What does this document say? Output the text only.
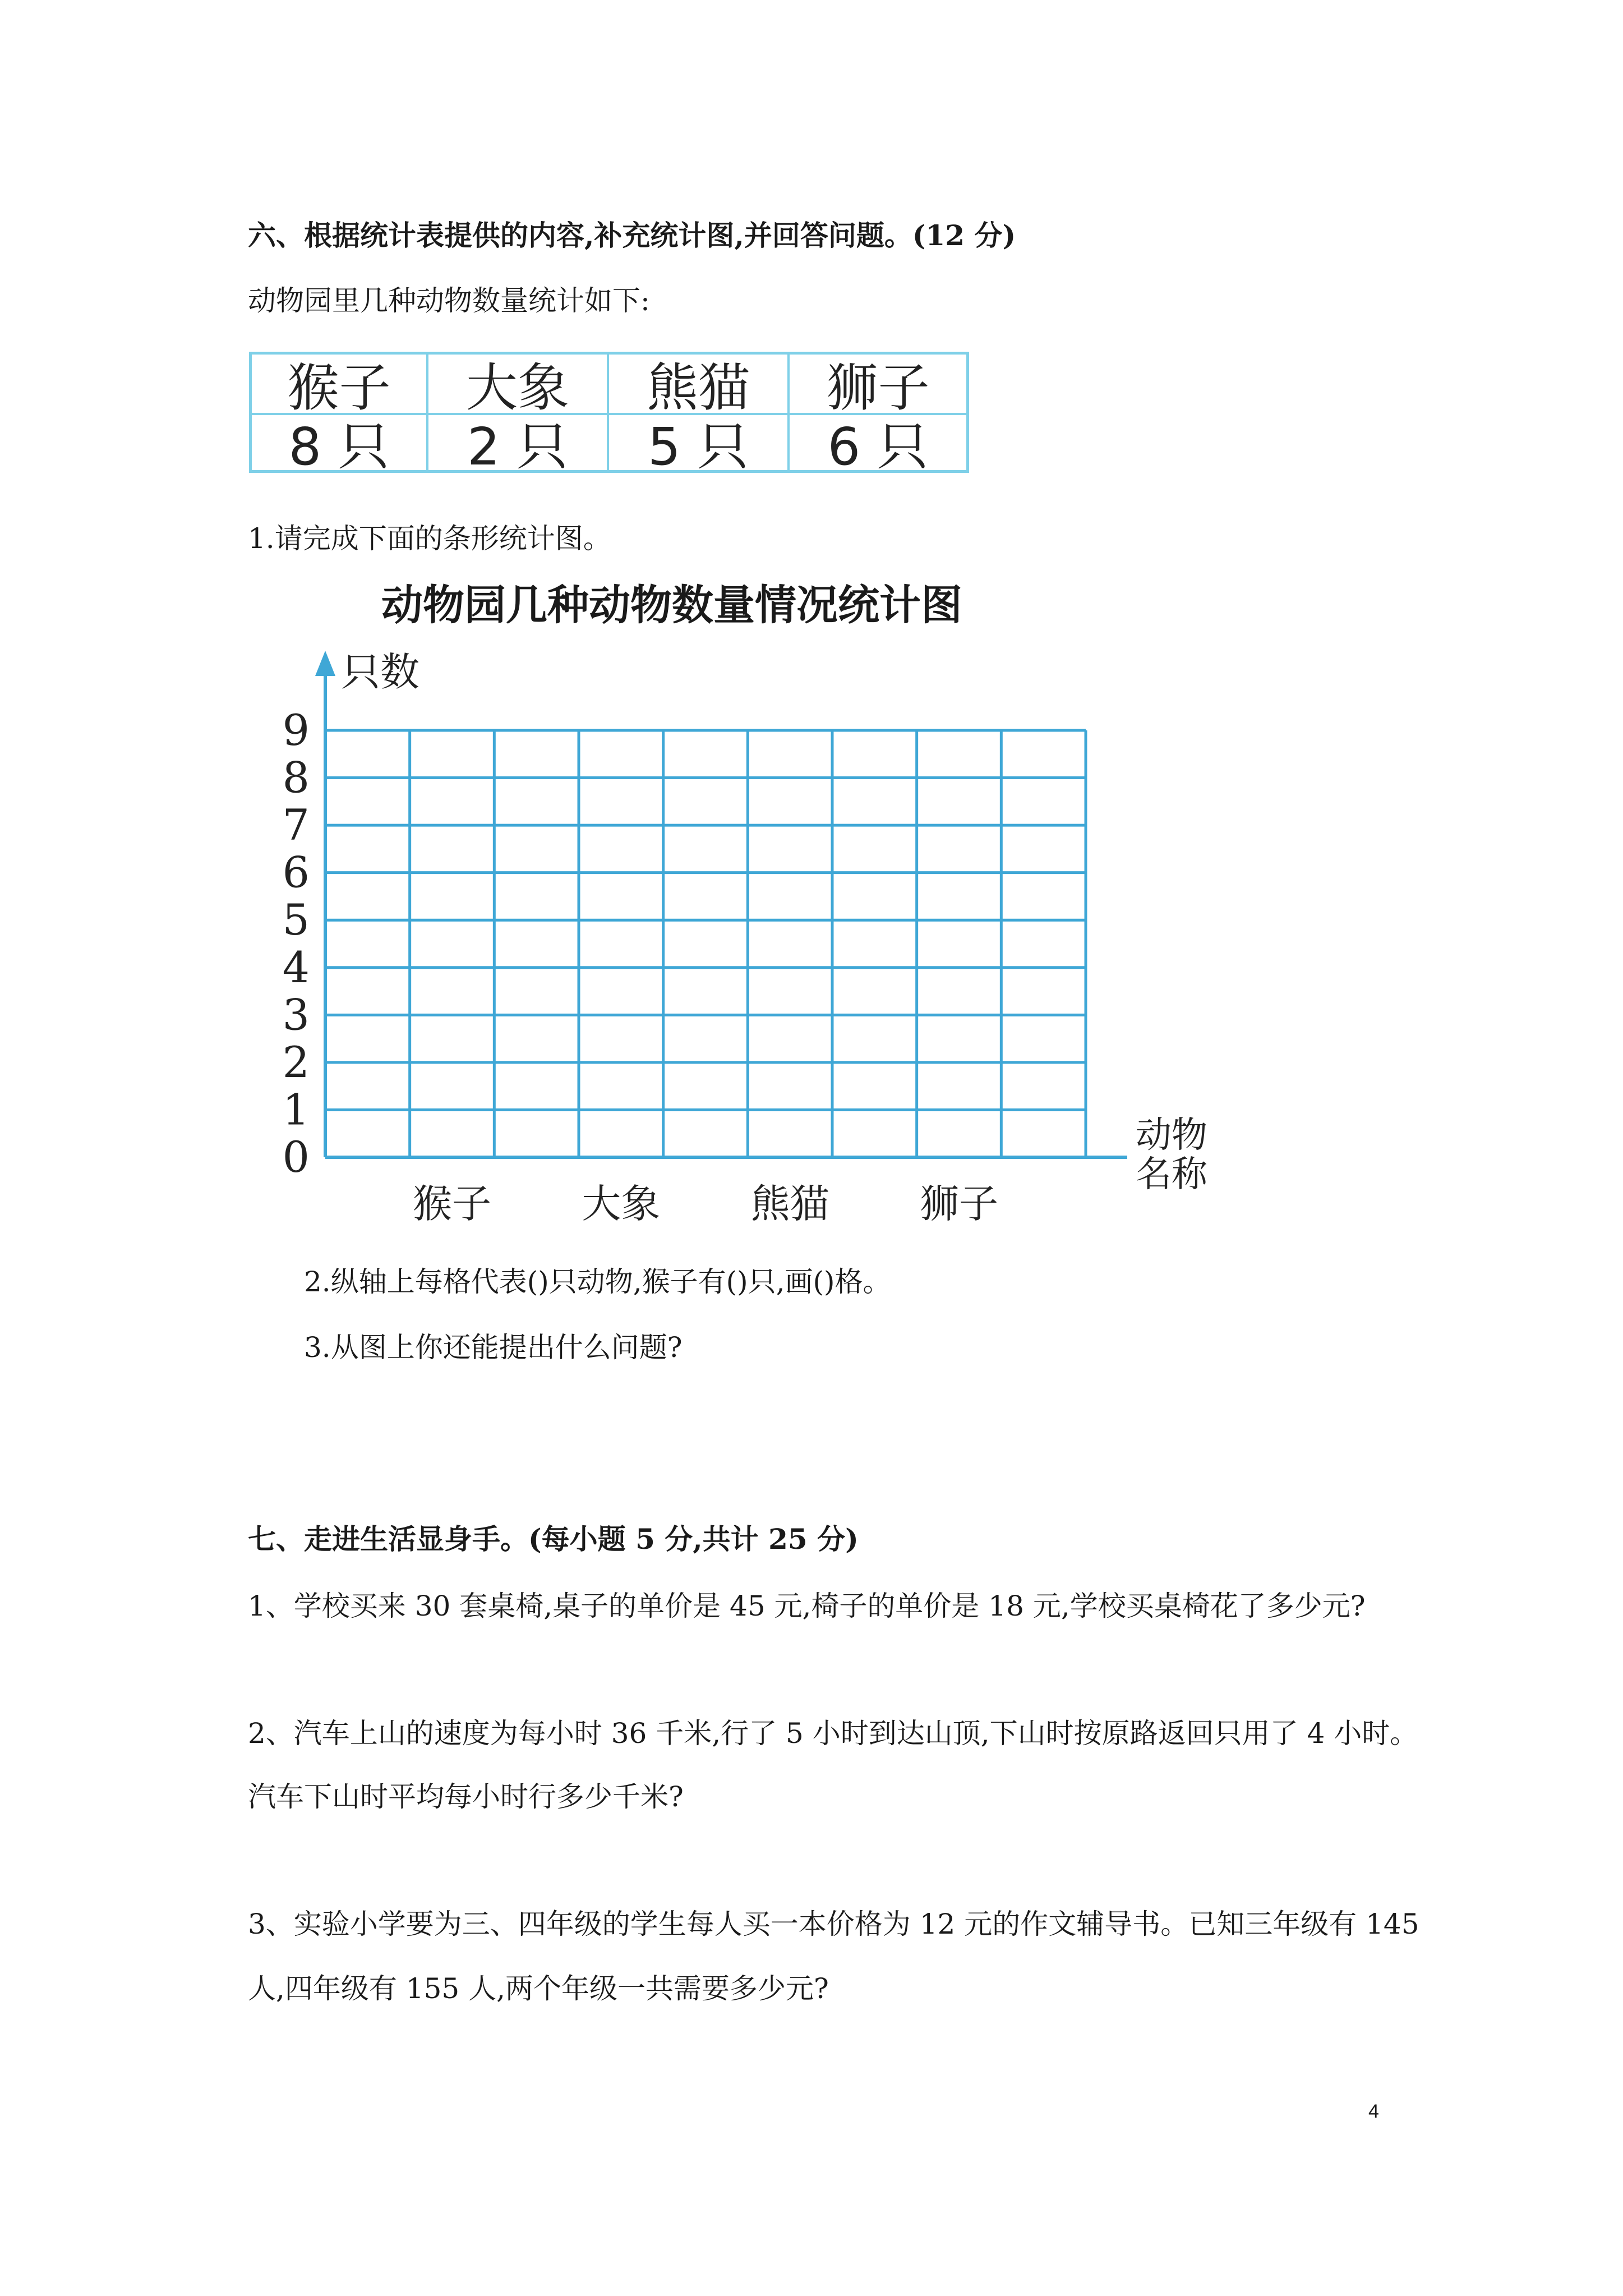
六、根据统计表提供的内容,补充统计图,并回答问题。(12 分)
动物园里几种动物数量统计如下:
猴子	大象	熊猫	狮子
8 只	2 只	5 只	6 只
1.请完成下面的条形统计图。
动物园几种动物数量情况统计图
0
1
2
3
4
5
6
7
8
9
猴子 大象 熊猫 狮子
只数
动物
名称
2.纵轴上每格代表()只动物,猴子有()只,画()格。
3.从图上你还能提出什么问题?
七、走进生活显身手。(每小题 5 分,共计 25 分)
1、学校买来 30 套桌椅,桌子的单价是 45 元,椅子的单价是 18 元,学校买桌椅花了多少元?
2、汽车上山的速度为每小时 36 千米,行了 5 小时到达山顶,下山时按原路返回只用了 4 小时。
汽车下山时平均每小时行多少千米?
3、实验小学要为三、四年级的学生每人买一本价格为 12 元的作文辅导书。已知三年级有 145
人,四年级有 155 人,两个年级一共需要多少元?
4
